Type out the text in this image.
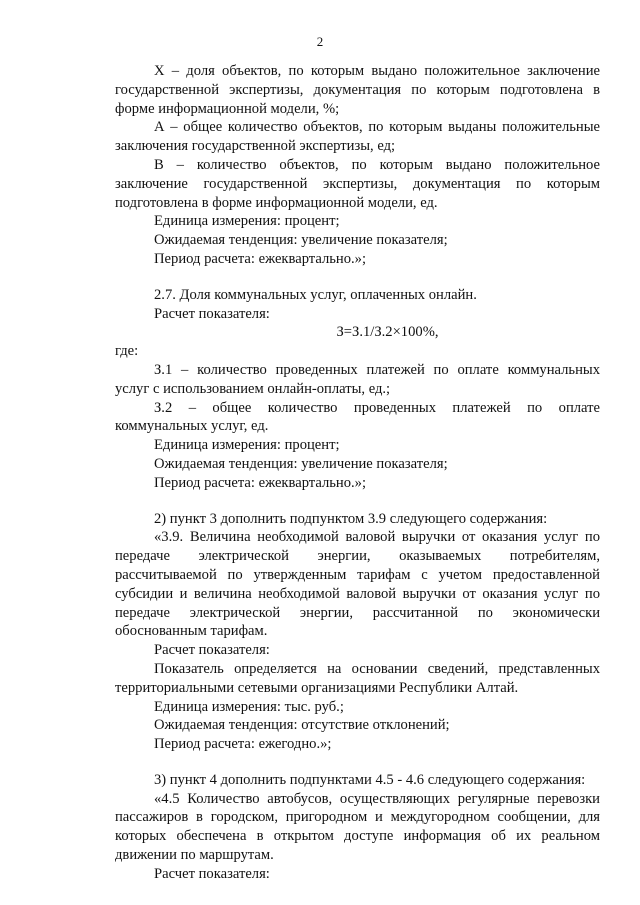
2

Х – доля объектов, по которым выдано положительное заключение государственной экспертизы, документация по которым подготовлена в форме информационной модели, %;

А – общее количество объектов, по которым выданы положительные заключения государственной экспертизы, ед;

В – количество объектов, по которым выдано положительное заключение государственной экспертизы, документация по которым подготовлена в форме информационной модели, ед.

Единица измерения: процент;

Ожидаемая тенденция: увеличение показателя;

Период расчета: ежеквартально.»;

2.7. Доля коммунальных услуг, оплаченных онлайн.

Расчет показателя:

З=З.1/З.2×100%,

где:

З.1 – количество проведенных платежей по оплате коммунальных услуг с использованием онлайн-оплаты, ед.;

З.2 – общее количество проведенных платежей по оплате коммунальных услуг, ед.

Единица измерения: процент;

Ожидаемая тенденция: увеличение показателя;

Период расчета: ежеквартально.»;

2) пункт 3 дополнить подпунктом 3.9 следующего содержания:

«3.9. Величина необходимой валовой выручки от оказания услуг по передаче электрической энергии, оказываемых потребителям, рассчитываемой по утвержденным тарифам с учетом предоставленной субсидии и величина необходимой валовой выручки от оказания услуг по передаче электрической энергии, рассчитанной по экономически обоснованным тарифам.

Расчет показателя:

Показатель определяется на основании сведений, представленных территориальными сетевыми организациями Республики Алтай.

Единица измерения: тыс. руб.;

Ожидаемая тенденция: отсутствие отклонений;

Период расчета: ежегодно.»;

3) пункт 4 дополнить подпунктами 4.5 - 4.6 следующего содержания:

«4.5 Количество автобусов, осуществляющих регулярные перевозки пассажиров в городском, пригородном и междугородном сообщении, для которых обеспечена в открытом доступе информация об их реальном движении по маршрутам.

Расчет показателя:
